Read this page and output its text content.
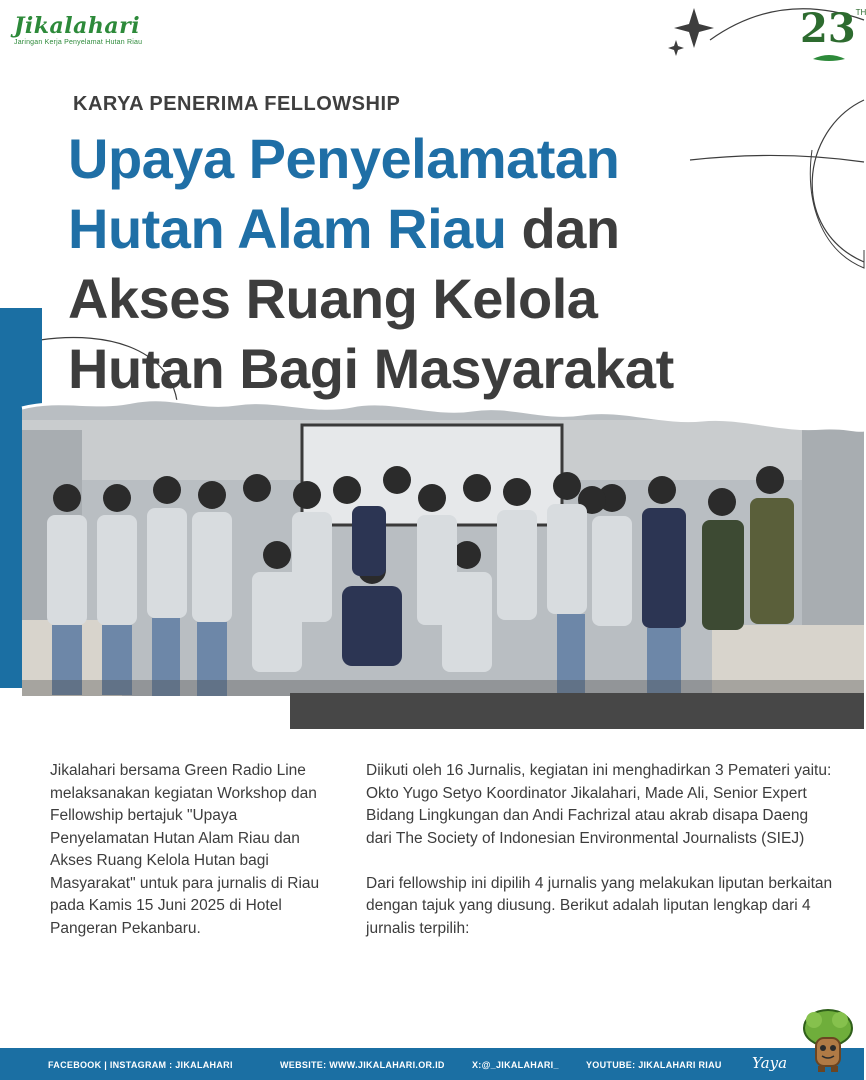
Jikalahari
Jaringan Kerja Penyelamat Hutan Riau	23TH
KARYA PENERIMA FELLOWSHIP
Upaya Penyelamatan
Hutan Alam Riau dan
Akses Ruang Kelola
Hutan Bagi Masyarakat

Jikalahari bersama Green Radio Line melaksanakan kegiatan Workshop dan Fellowship bertajuk "Upaya Penyelamatan Hutan Alam Riau dan Akses Ruang Kelola Hutan bagi Masyarakat" untuk para jurnalis di Riau pada Kamis 15 Juni 2025 di Hotel Pangeran Pekanbaru.

Diikuti oleh 16 Jurnalis, kegiatan ini menghadirkan 3 Pemateri yaitu: Okto Yugo Setyo Koordinator Jikalahari, Made Ali, Senior Expert Bidang Lingkungan dan Andi Fachrizal atau akrab disapa Daeng dari The Society of Indonesian Environmental Journalists (SIEJ)

Dari fellowship ini dipilih 4 jurnalis yang melakukan liputan berkaitan dengan tajuk yang diusung. Berikut adalah liputan lengkap dari 4 jurnalis terpilih:

FACEBOOK | INSTAGRAM : JIKALAHARI	WEBSITE: WWW.JIKALAHARI.OR.ID	X:@_JIKALAHARI_	YOUTUBE: JIKALAHARI RIAU Yaya
